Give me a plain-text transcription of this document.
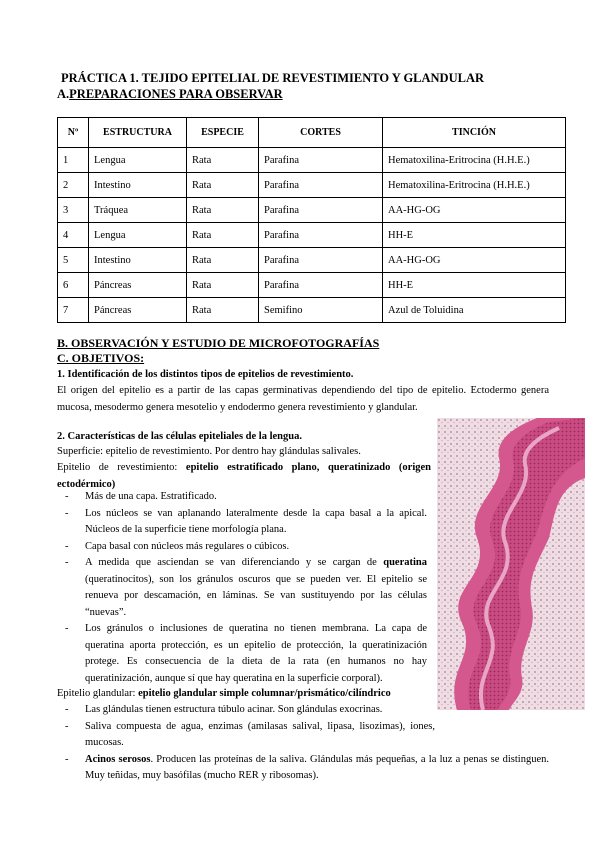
PRÁCTICA 1. TEJIDO EPITELIAL DE REVESTIMIENTO Y GLANDULAR
A.PREPARACIONES PARA OBSERVAR
Nº	ESTRUCTURA	ESPECIE	CORTES	TINCIÓN
1	Lengua	Rata	Parafina	Hematoxilina-Eritrocina (H.H.E.)
2	Intestino	Rata	Parafina	Hematoxilina-Eritrocina (H.H.E.)
3	Tráquea	Rata	Parafina	AA-HG-OG
4	Lengua	Rata	Parafina	HH-E
5	Intestino	Rata	Parafina	AA-HG-OG
6	Páncreas	Rata	Parafina	HH-E
7	Páncreas	Rata	Semifino	Azul de Toluidina
B. OBSERVACIÓN Y ESTUDIO DE MICROFOTOGRAFÍAS
C. OBJETIVOS:
1. Identificación de los distintos tipos de epitelios de revestimiento.
El origen del epitelio es a partir de las capas germinativas dependiendo del tipo de epitelio. Ectodermo genera mucosa, mesodermo genera mesotelio y endodermo genera revestimiento y glandular.
2. Características de las células epiteliales de la lengua.
Superficie: epitelio de revestimiento. Por dentro hay glándulas salivales.
Epitelio de revestimiento: epitelio estratificado plano, queratinizado (origen ectodérmico)
- Más de una capa. Estratificado.
- Los núcleos se van aplanando lateralmente desde la capa basal a la apical. Núcleos de la superficie tiene morfología plana.
- Capa basal con núcleos más regulares o cúbicos.
- A medida que asciendan se van diferenciando y se cargan de queratina (queratinocitos), son los gránulos oscuros que se pueden ver. El epitelio se renueva por descamación, en láminas. Se van sustituyendo por las células “nuevas”.
- Los gránulos o inclusiones de queratina no tienen membrana. La capa de queratina aporta protección, es un epitelio de protección, la queratinización protege. Es consecuencia de la dieta de la rata (en humanos no hay queratinización, aunque sí que hay queratina en la superficie corporal).
Epitelio glandular: epitelio glandular simple columnar/prismático/cilíndrico
- Las glándulas tienen estructura túbulo acinar. Son glándulas exocrinas.
- Saliva compuesta de agua, enzimas (amilasas salival, lipasa, lisozimas), iones, mucosas.
- Acinos serosos. Producen las proteínas de la saliva. Glándulas más pequeñas, a la luz a penas se distinguen. Muy teñidas, muy basófilas (mucho RER y ribosomas).
